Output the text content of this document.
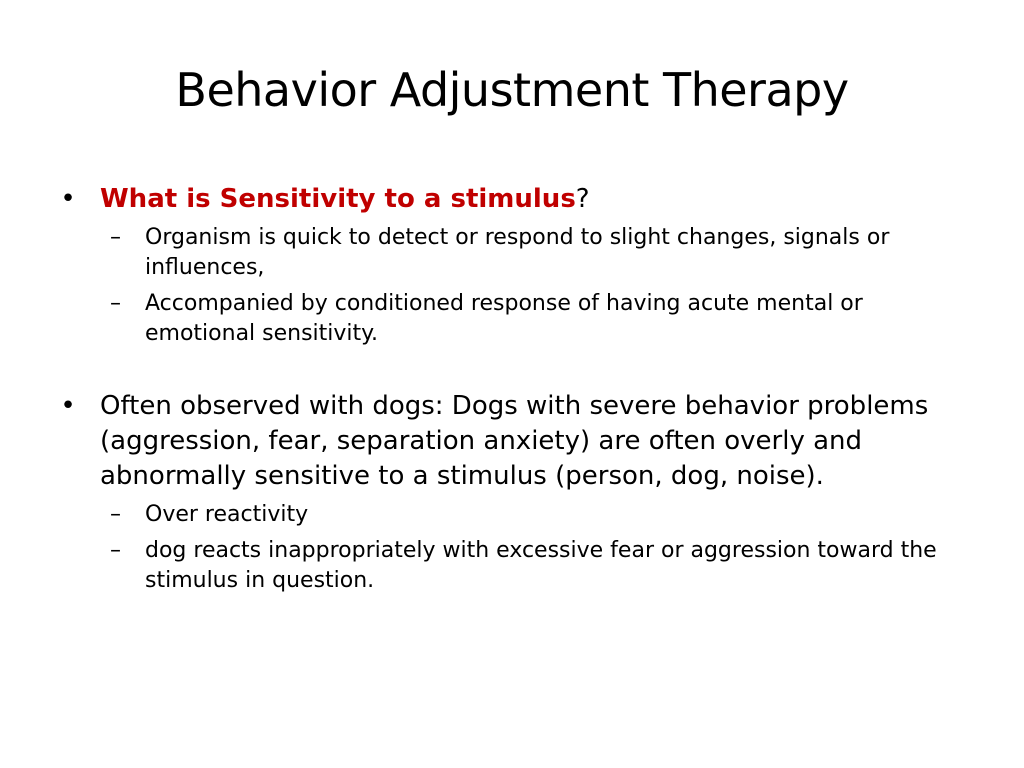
Behavior Adjustment Therapy
• What is Sensitivity to a stimulus?
– Organism is quick to detect or respond to slight changes, signals or influences,
– Accompanied by conditioned response of having acute mental or emotional sensitivity.
• Often observed with dogs: Dogs with severe behavior problems (aggression, fear, separation anxiety) are often overly and abnormally sensitive to a stimulus (person, dog, noise).
– Over reactivity
– dog reacts inappropriately with excessive fear or aggression toward the stimulus in question.
